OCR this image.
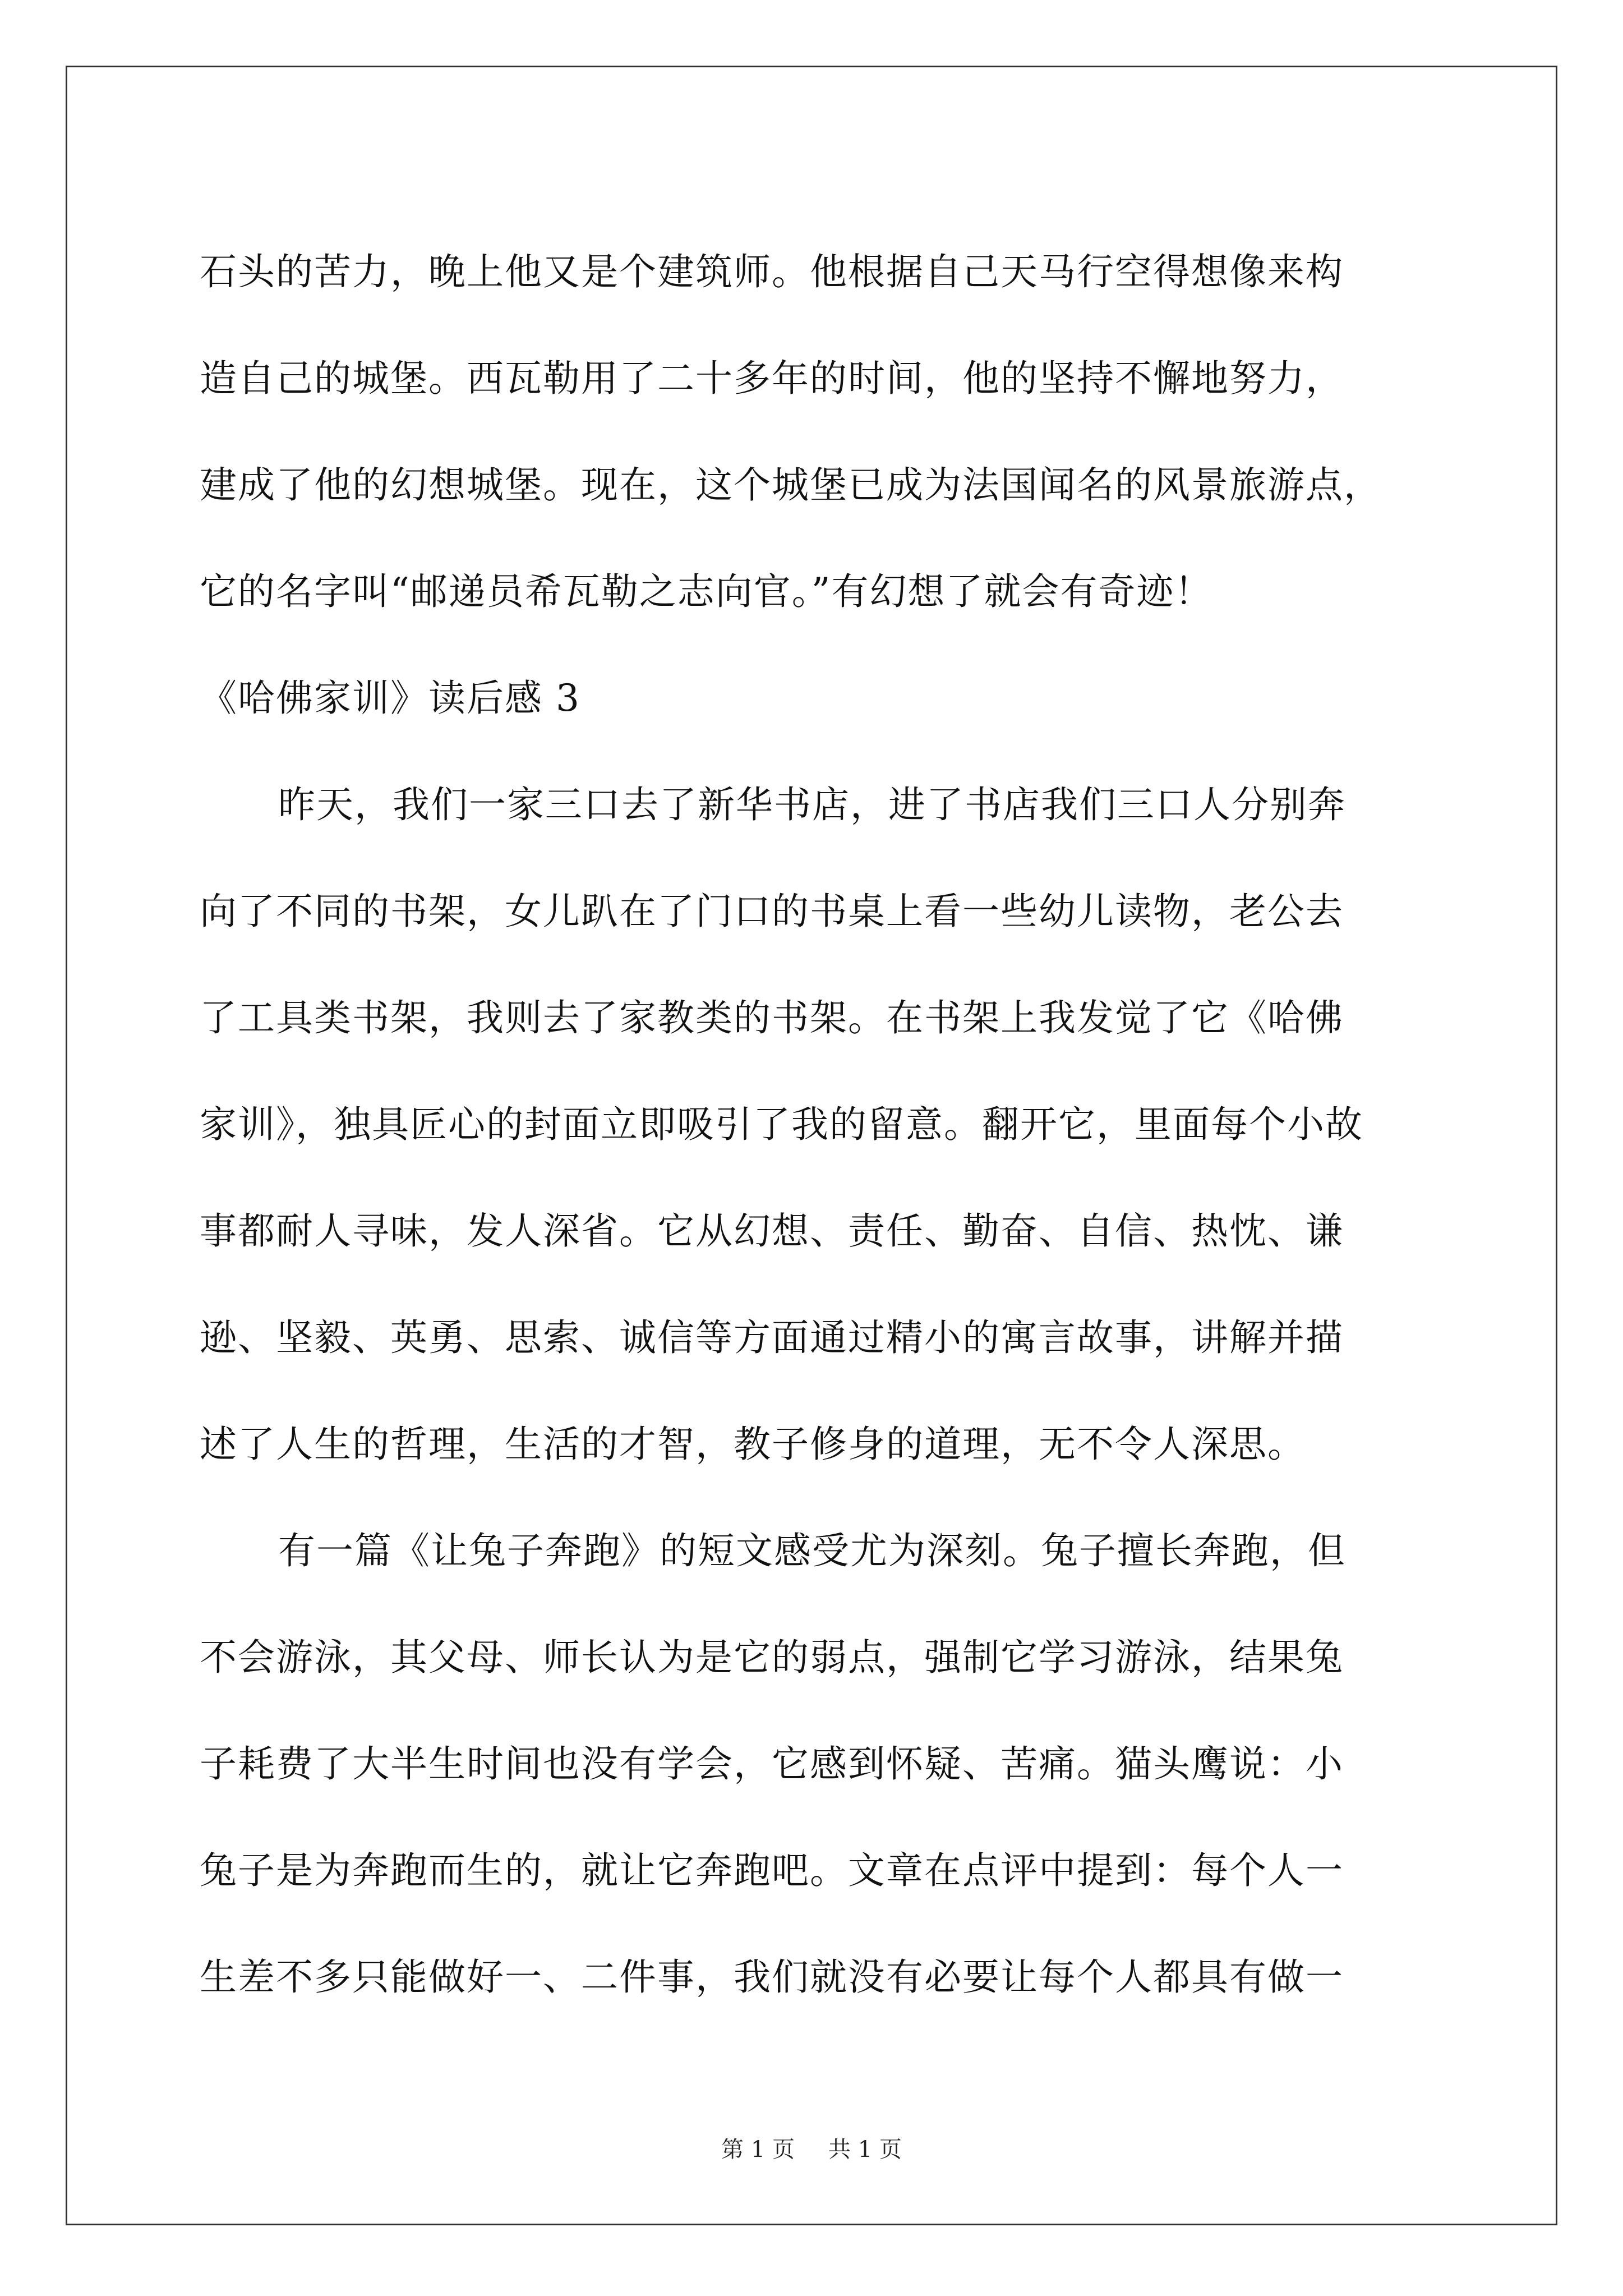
石头的苦力，晚上他又是个建筑师。他根据自己天马行空得想像来构
造自己的城堡。西瓦勒用了二十多年的时间，他的坚持不懈地努力，
建成了他的幻想城堡。现在，这个城堡已成为法国闻名的风景旅游点，
它的名字叫“邮递员希瓦勒之志向官。”有幻想了就会有奇迹！
《哈佛家训》读后感 3
昨天，我们一家三口去了新华书店，进了书店我们三口人分别奔
向了不同的书架，女儿趴在了门口的书桌上看一些幼儿读物，老公去
了工具类书架，我则去了家教类的书架。在书架上我发觉了它《哈佛
家训》，独具匠心的封面立即吸引了我的留意。翻开它，里面每个小故
事都耐人寻味，发人深省。它从幻想、责任、勤奋、自信、热忱、谦
逊、坚毅、英勇、思索、诚信等方面通过精小的寓言故事，讲解并描
述了人生的哲理，生活的才智，教子修身的道理，无不令人深思。
有一篇《让兔子奔跑》的短文感受尤为深刻。兔子擅长奔跑，但
不会游泳，其父母、师长认为是它的弱点，强制它学习游泳，结果兔
子耗费了大半生时间也没有学会，它感到怀疑、苦痛。猫头鹰说：小
兔子是为奔跑而生的，就让它奔跑吧。文章在点评中提到：每个人一
生差不多只能做好一、二件事，我们就没有必要让每个人都具有做一
第 1 页 共 1 页
